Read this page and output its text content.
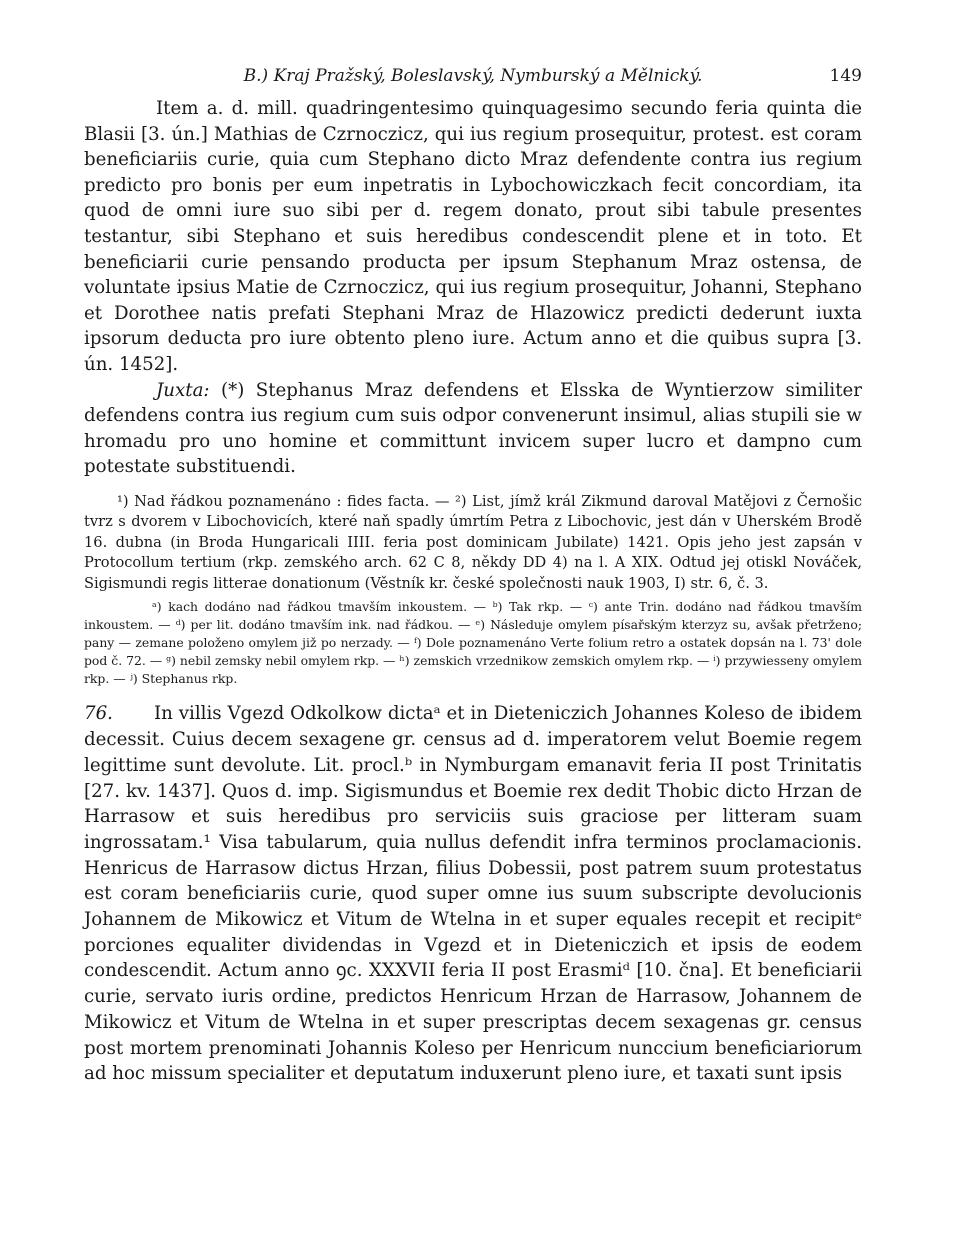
B.) Kraj Pražský, Boleslavský, Nymburský a Mělnický.	149

Item a. d. mill. quadringentesimo quinquagesimo secundo feria quinta die Blasii [3. ún.] Mathias de Czrnoczicz, qui ius regium prosequitur, protest. est coram beneficiariis curie, quia cum Stephano dicto Mraz defendente contra ius regium predicto pro bonis per eum inpetratis in Lybochowiczkach fecit concordiam, ita quod de omni iure suo sibi per d. regem donato, prout sibi tabule presentes testantur, sibi Stephano et suis heredibus condescendit plene et in toto. Et beneficiarii curie pensando producta per ipsum Stephanum Mraz ostensa, de voluntate ipsius Matie de Czrnoczicz, qui ius regium prosequitur, Johanni, Stephano et Dorothee natis prefati Stephani Mraz de Hlazowicz predicti dederunt iuxta ipsorum deducta pro iure obtento pleno iure. Actum anno et die quibus supra [3. ún. 1452].

Juxta: (*) Stephanus Mraz defendens et Elsska de Wyntierzow similiter defendens contra ius regium cum suis odpor convenerunt insimul, alias stupili sie w hromadu pro uno homine et committunt invicem super lucro et dampno cum potestate substituendi.

¹) Nad řádkou poznamenáno : fides facta. — ²) List, jímž král Zikmund daroval Matějovi z Černošic tvrz s dvorem v Libochovicích, které naň spadly úmrtím Petra z Libochovic, jest dán v Uherském Brodě 16. dubna (in Broda Hungaricali IIII. feria post dominicam Jubilate) 1421. Opis jeho jest zapsán v Protocollum tertium (rkp. zemského arch. 62 C 8, někdy DD 4) na l. A XIX. Odtud jej otiskl Nováček, Sigismundi regis litterae donationum (Věstník kr. české společnosti nauk 1903, I) str. 6, č. 3.

ᵃ) kach dodáno nad řádkou tmavším inkoustem. — ᵇ) Tak rkp. — ᶜ) ante Trin. dodáno nad řádkou tmavším inkoustem. — ᵈ) per lit. dodáno tmavším ink. nad řádkou. — ᵉ) Následuje omylem písařským kterzyz su, avšak přetrženo; pany — zemane položeno omylem již po nerzady. — ᶠ) Dole poznamenáno Verte folium retro a ostatek dopsán na l. 73' dole pod č. 72. — ᵍ) nebil zemsky nebil omylem rkp. — ʰ) zemskich vrzednikow zemskich omylem rkp. — ⁱ) przywiesseny omylem rkp. — ʲ) Stephanus rkp.

76. In villis Vgezd Odkolkow dictaᵃ et in Dieteniczich Johannes Koleso de ibidem decessit. Cuius decem sexagene gr. census ad d. imperatorem velut Boemie regem legittime sunt devolute. Lit. procl.ᵇ in Nymburgam emanavit feria II post Trinitatis [27. kv. 1437]. Quos d. imp. Sigismundus et Boemie rex dedit Thobic dicto Hrzan de Harrasow et suis heredibus pro serviciis suis graciose per litteram suam ingrossatam.¹ Visa tabularum, quia nullus defendit infra terminos proclamacionis. Henricus de Harrasow dictus Hrzan, filius Dobessii, post patrem suum protestatus est coram beneficiariis curie, quod super omne ius suum subscripte devolucionis Johannem de Mikowicz et Vitum de Wtelna in et super equales recepit et recipitᵉ porciones equaliter dividendas in Vgezd et in Dieteniczich et ipsis de eodem condescendit. Actum anno ꝯc. XXXVII feria II post Erasmiᵈ [10. čna]. Et beneficiarii curie, servato iuris ordine, predictos Henricum Hrzan de Harrasow, Johannem de Mikowicz et Vitum de Wtelna in et super prescriptas decem sexagenas gr. census post mortem prenominati Johannis Koleso per Henricum nunccium beneficiariorum ad hoc missum specialiter et deputatum induxerunt pleno iure, et taxati sunt ipsis
